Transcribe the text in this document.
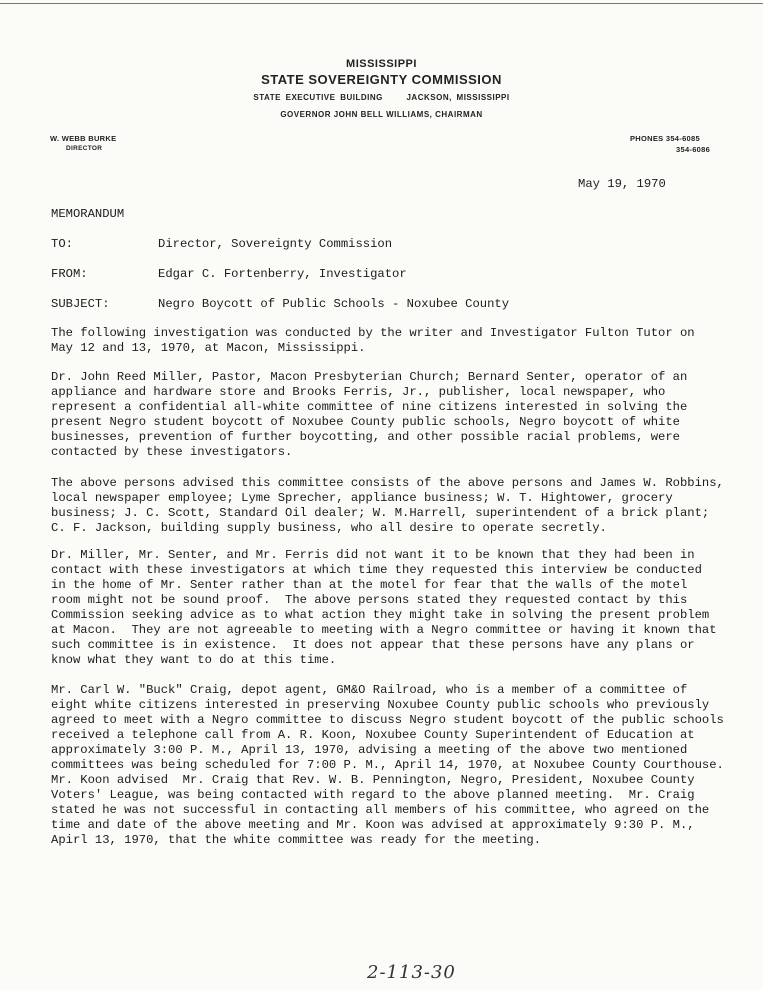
MISSISSIPPI
STATE SOVEREIGNTY COMMISSION
STATE EXECUTIVE BUILDING     JACKSON, MISSISSIPPI
GOVERNOR JOHN BELL WILLIAMS, CHAIRMAN
W. WEBB BURKE
DIRECTOR
PHONES 354-6085
354-6086
May 19, 1970
MEMORANDUM
TO:	Director, Sovereignty Commission
FROM:	Edgar C. Fortenberry, Investigator
SUBJECT:	Negro Boycott of Public Schools - Noxubee County
The following investigation was conducted by the writer and Investigator Fulton Tutor on
May 12 and 13, 1970, at Macon, Mississippi.
Dr. John Reed Miller, Pastor, Macon Presbyterian Church; Bernard Senter, operator of an
appliance and hardware store and Brooks Ferris, Jr., publisher, local newspaper, who
represent a confidential all-white committee of nine citizens interested in solving the
present Negro student boycott of Noxubee County public schools, Negro boycott of white
businesses, prevention of further boycotting, and other possible racial problems, were
contacted by these investigators.
The above persons advised this committee consists of the above persons and James W. Robbins,
local newspaper employee; Lyme Sprecher, appliance business; W. T. Hightower, grocery
business; J. C. Scott, Standard Oil dealer; W. M.Harrell, superintendent of a brick plant;
C. F. Jackson, building supply business, who all desire to operate secretly.
Dr. Miller, Mr. Senter, and Mr. Ferris did not want it to be known that they had been in
contact with these investigators at which time they requested this interview be conducted
in the home of Mr. Senter rather than at the motel for fear that the walls of the motel
room might not be sound proof.  The above persons stated they requested contact by this
Commission seeking advice as to what action they might take in solving the present problem
at Macon.  They are not agreeable to meeting with a Negro committee or having it known that
such committee is in existence.  It does not appear that these persons have any plans or
know what they want to do at this time.
Mr. Carl W. "Buck" Craig, depot agent, GM&O Railroad, who is a member of a committee of
eight white citizens interested in preserving Noxubee County public schools who previously
agreed to meet with a Negro committee to discuss Negro student boycott of the public schools
received a telephone call from A. R. Koon, Noxubee County Superintendent of Education at
approximately 3:00 P. M., April 13, 1970, advising a meeting of the above two mentioned
committees was being scheduled for 7:00 P. M., April 14, 1970, at Noxubee County Courthouse.
Mr. Koon advised  Mr. Craig that Rev. W. B. Pennington, Negro, President, Noxubee County
Voters' League, was being contacted with regard to the above planned meeting.  Mr. Craig
stated he was not successful in contacting all members of his committee, who agreed on the
time and date of the above meeting and Mr. Koon was advised at approximately 9:30 P. M.,
Apirl 13, 1970, that the white committee was ready for the meeting.
2-113-30
